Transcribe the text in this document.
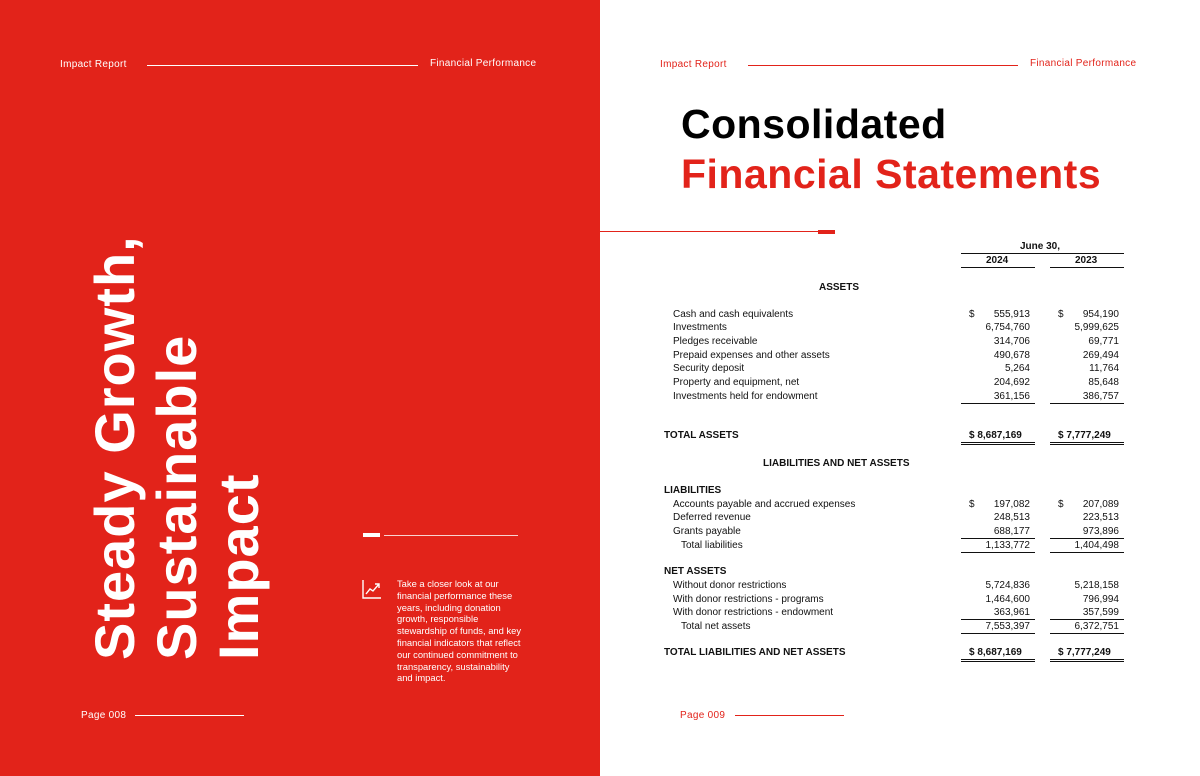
Impact Report	Financial Performance
Steady Growth, Sustainable Impact	Take a closer look at our financial performance these years, including donation growth, responsible stewardship of funds, and key financial indicators that reflect our continued commitment to transparency, sustainability and impact.
Page 008
Impact Report	Financial Performance
Consolidated
Financial Statements
June 30,
2024	2023
ASSETS
Cash and cash equivalents	$	555,913	$	954,190
Investments	6,754,760	5,999,625
Pledges receivable	314,706	69,771
Prepaid expenses and other assets	490,678	269,494
Security deposit	5,264	11,764
Property and equipment, net	204,692	85,648
Investments held for endowment	361,156	386,757
TOTAL ASSETS	$ 8,687,169	$ 7,777,249
LIABILITIES AND NET ASSETS
LIABILITIES
Accounts payable and accrued expenses	$	197,082	$	207,089
Deferred revenue	248,513	223,513
Grants payable	688,177	973,896
Total liabilities	1,133,772	1,404,498
NET ASSETS
Without donor restrictions	5,724,836	5,218,158
With donor restrictions - programs	1,464,600	796,994
With donor restrictions - endowment	363,961	357,599
Total net assets	7,553,397	6,372,751
TOTAL LIABILITIES AND NET ASSETS	$ 8,687,169	$ 7,777,249
Page 009
